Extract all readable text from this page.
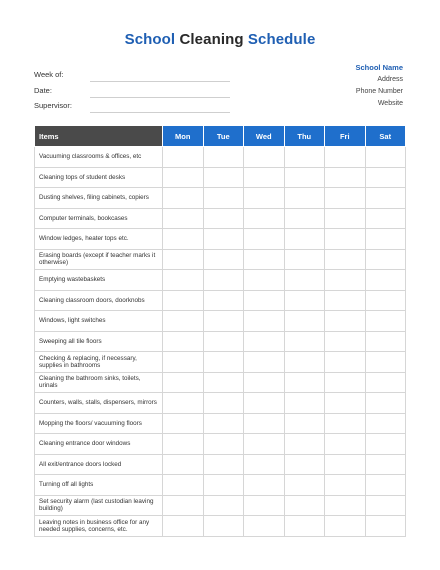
School Cleaning Schedule
Week of:
Date:
Supervisor:
School Name
Address
Phone Number
Website
Items	Mon	Tue	Wed	Thu	Fri	Sat
Vacuuming classrooms & offices, etc						
Cleaning tops of student desks						
Dusting shelves, filing cabinets, copiers						
Computer terminals, bookcases						
Window ledges, heater tops etc.						
Erasing boards (except if teacher marks it otherwise)						
Emptying wastebaskets						
Cleaning classroom doors, doorknobs						
Windows, light switches						
Sweeping all tile floors						
Checking & replacing, if necessary, supplies in bathrooms						
Cleaning the bathroom sinks, toilets, urinals						
Counters, walls, stalls, dispensers, mirrors						
Mopping the floors/ vacuuming floors						
Cleaning entrance door windows						
All exit/entrance doors locked						
Turning off all lights						
Set security alarm (last custodian leaving building)						
Leaving notes in business office for any needed supplies, concerns, etc.						
